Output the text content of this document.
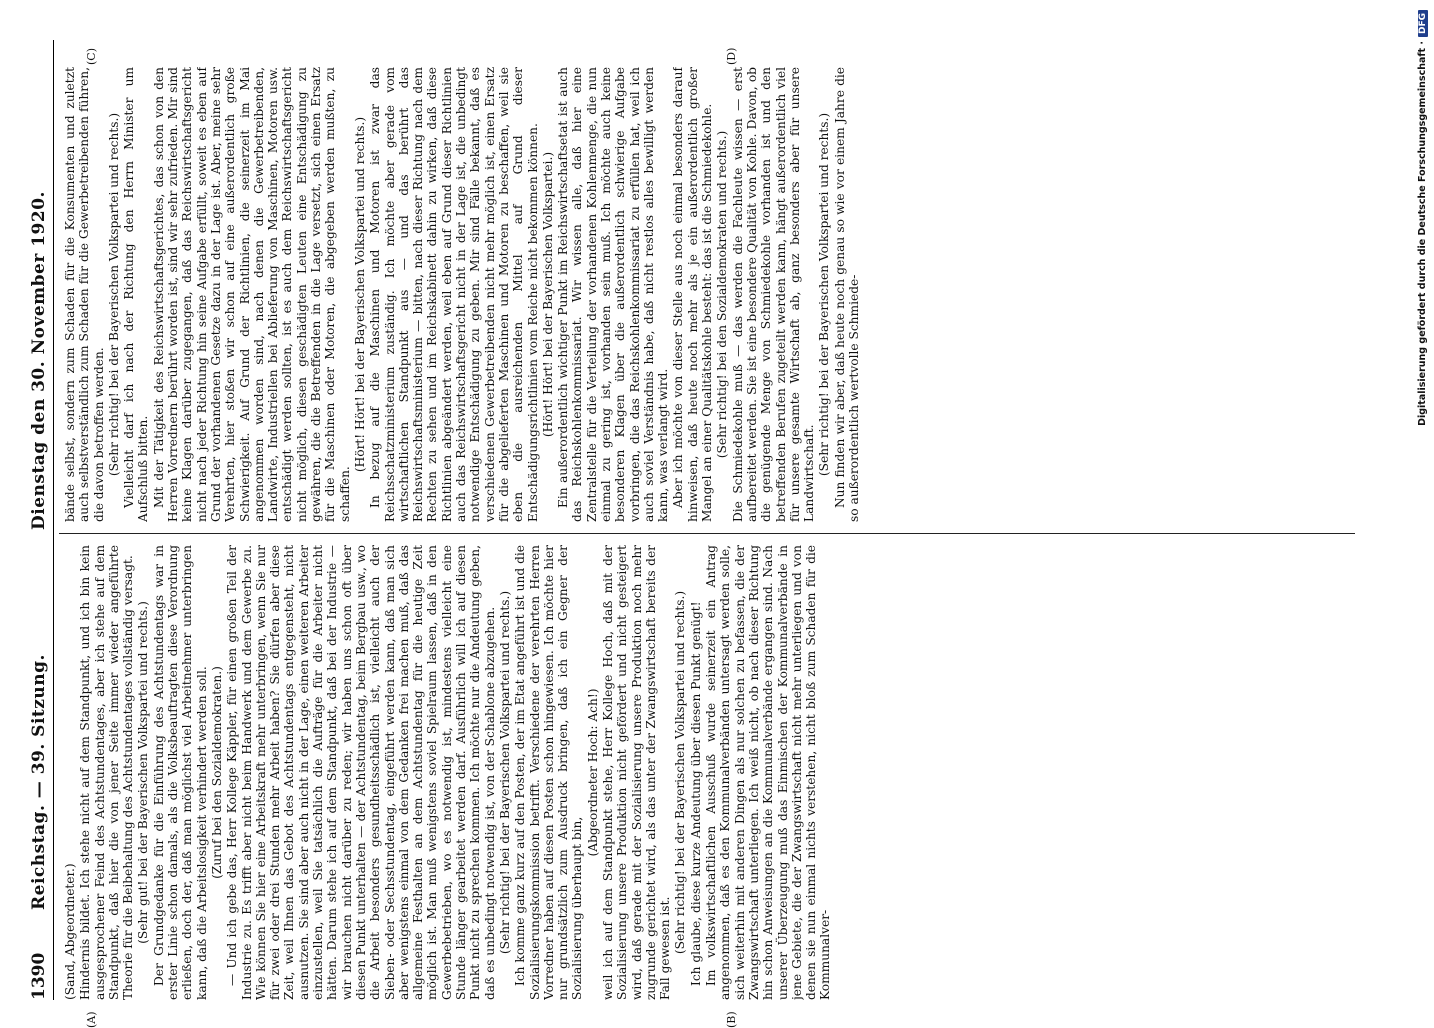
1390
Reichstag. — 39. Sitzung.
Dienstag den 30. November 1920.

(Sand, Abgeordneter.) Hindernis bildet. Ich stehe nicht auf dem Standpunkt, und ich bin kein ausgesprochener Feind des Achtstundentages, aber ich stehe auf dem Standpunkt, daß hier die von jener Seite immer wieder angeführte Theorie für die Beibehaltung des Achtstundentages vollständig versagt. (Sehr gut! bei der Bayerischen Volkspartei und rechts.) Der Grundgedanke für die Einführung des Achtstundentags war in erster Linie schon damals, als die Volksbeauftragten diese Verordnung erließen, doch der, daß man möglichst viel Arbeitnehmer unterbringen kann, daß die Arbeitslosigkeit verhindert werden soll. (Zuruf bei den Sozialdemokraten.) — Und ich gebe das, Herr Kollege Käppler, für einen großen Teil der Industrie zu. Es trifft aber nicht beim Handwerk und dem Gewerbe zu. Wie können Sie hier eine Arbeitskraft mehr unterbringen, wenn Sie nur für zwei oder drei Stunden mehr Arbeit haben? Sie dürfen aber diese Zeit, weil Ihnen das Gebot des Achtstundentags entgegensteht, nicht ausnutzen. Sie sind aber auch nicht in der Lage, einen weiteren Arbeiter einzustellen, weil Sie tatsächlich die Aufträge für die Arbeiter nicht hätten. Darum stehe ich auf dem Standpunkt, daß bei der Industrie — wir brauchen nicht darüber zu reden; wir haben uns schon oft über diesen Punkt unterhalten — der Achtstundentag, beim Bergbau usw., wo die Arbeit besonders gesundheitsschädlich ist, vielleicht auch der Sieben- oder Sechsstundentag, eingeführt werden kann, daß man sich aber wenigstens einmal von dem Gedanken frei machen muß, daß das allgemeine Festhalten an dem Achtstundentag für die heutige Zeit möglich ist. Man muß wenigstens soviel Spielraum lassen, daß in den Gewerbebetrieben, wo es notwendig ist, mindestens vielleicht eine Stunde länger gearbeitet werden darf. Ausführlich will ich auf diesen Punkt nicht zu sprechen kommen. Ich möchte nur die Andeutung geben, daß es unbedingt notwendig ist, von der Schablone abzugehen. (Sehr richtig! bei der Bayerischen Volkspartei und rechts.) Ich komme ganz kurz auf den Posten, der im Etat angeführt ist und die Sozialisierungskommission betrifft. Verschiedene der verehrten Herren Vorredner haben auf diesen Posten schon hingewiesen. Ich möchte hier nur grundsätzlich zum Ausdruck bringen, daß ich ein Gegner der Sozialisierung überhaupt bin,

(Abgeordneter Hoch: Ach!) weil ich auf dem Standpunkt stehe, Herr Kollege Hoch, daß mit der Sozialisierung unsere Produktion nicht gefördert und nicht gesteigert wird, daß gerade mit der Sozialisierung unsere Produktion noch mehr zugrunde gerichtet wird, als das unter der Zwangswirtschaft bereits der Fall gewesen ist. (Sehr richtig! bei der Bayerischen Volkspartei und rechts.) Ich glaube, diese kurze Andeutung über diesen Punkt genügt! Im volkswirtschaftlichen Ausschuß wurde seinerzeit ein Antrag angenommen, daß es den Kommunalverbänden untersagt werden solle, sich weiterhin mit anderen Dingen als nur solchen zu befassen, die der Zwangswirtschaft unterliegen. Ich weiß nicht, ob nach dieser Richtung hin schon Anweisungen an die Kommunalverbände ergangen sind. Nach unserer Überzeugung muß das Einmischen der Kommunalverbände in jene Gebiete, die der Zwangswirtschaft nicht mehr unterliegen und von denen sie nun einmal nichts verstehen, nicht bloß zum Schaden für die Kommunalver-

bände selbst, sondern zum Schaden für die Konsumenten und zuletzt auch selbstverständlich zum Schaden für die Gewerbetreibenden führen, die davon betroffen werden. (Sehr richtig! bei der Bayerischen Volkspartei und rechts.) Vielleicht darf ich nach der Richtung den Herrn Minister um Aufschluß bitten. Mit der Tätigkeit des Reichswirtschaftsgerichtes, das schon von den Herren Vorrednern berührt worden ist, sind wir sehr zufrieden. Mir sind keine Klagen darüber zugegangen, daß das Reichswirtschaftsgericht nicht nach jeder Richtung hin seine Aufgabe erfüllt, soweit es eben auf Grund der vorhandenen Gesetze dazu in der Lage ist. Aber, meine sehr Verehrten, hier stoßen wir schon auf eine außerordentlich große Schwierigkeit. Auf Grund der Richtlinien, die seinerzeit im Mai angenommen worden sind, nach denen die Gewerbetreibenden, Landwirte, Industriellen bei Ablieferung von Maschinen, Motoren usw. entschädigt werden sollten, ist es auch dem Reichswirtschaftsgericht nicht möglich, diesen geschädigten Leuten eine Entschädigung zu gewähren, die die Betreffenden in die Lage versetzt, sich einen Ersatz für die Maschinen oder Motoren, die abgegeben werden mußten, zu schaffen.

(Hört! Hört! bei der Bayerischen Volkspartei und rechts.) In bezug auf die Maschinen und Motoren ist zwar das Reichsschatzministerium zuständig. Ich möchte aber gerade vom wirtschaftlichen Standpunkt aus — und das berührt das Reichswirtschaftsministerium — bitten, nach dieser Richtung nach dem Rechten zu sehen und im Reichskabinett dahin zu wirken, daß diese Richtlinien abgeändert werden, weil eben auf Grund dieser Richtlinien auch das Reichswirtschaftsgericht nicht in der Lage ist, die unbedingt notwendige Entschädigung zu geben. Mir sind Fälle bekannt, daß es verschiedenen Gewerbetreibenden nicht mehr möglich ist, einen Ersatz für die abgelieferten Maschinen und Motoren zu beschaffen, weil sie eben die ausreichenden Mittel auf Grund dieser Entschädigungsrichtlinien vom Reiche nicht bekommen können. (Hört! Hört! bei der Bayerischen Volkspartei.) Ein außerordentlich wichtiger Punkt im Reichswirtschaftsetat ist auch das Reichskohlenkommissariat. Wir wissen alle, daß hier eine Zentralstelle für die Verteilung der vorhandenen Kohlenmenge, die nun einmal zu gering ist, vorhanden sein muß. Ich möchte auch keine besonderen Klagen über die außerordentlich schwierige Aufgabe vorbringen, die das Reichskohlenkommissariat zu erfüllen hat, weil ich auch soviel Verständnis habe, daß nicht restlos alles bewilligt werden kann, was verlangt wird. Aber ich möchte von dieser Stelle aus noch einmal besonders darauf hinweisen, daß heute noch mehr als je ein außerordentlich großer Mangel an einer Qualitätskohle besteht: das ist die Schmiedekohle. (Sehr richtig! bei den Sozialdemokraten und rechts.) Die Schmiedekohle muß — das werden die Fachleute wissen — erst aufbereitet werden. Sie ist eine besondere Qualität von Kohle. Davon, ob die genügende Menge von Schmiedekohle vorhanden ist und den betreffenden Berufen zugeteilt werden kann, hängt außerordentlich viel für unsere gesamte Wirtschaft ab, ganz besonders aber für unsere Landwirtschaft. (Sehr richtig! bei der Bayerischen Volkspartei und rechts.) Nun finden wir aber, daß heute noch genau so wie vor einem Jahre die so außerordentlich wertvolle Schmiede-

(A)	(B)
(C)	(D)	Digitalisierung gefördert durch die Deutsche Forschungsgemeinschaft ·DFG
